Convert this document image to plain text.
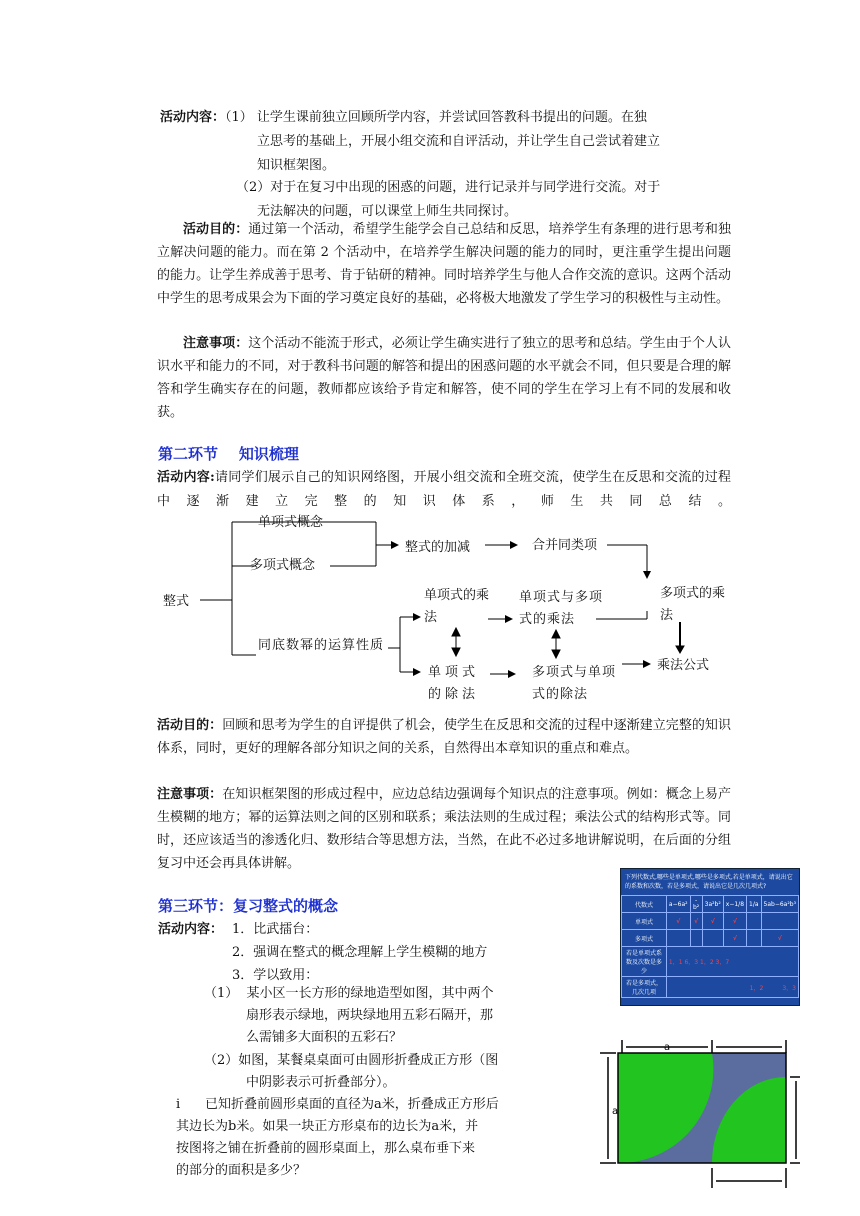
活动内容：（1） 让学生课前独立回顾所学内容，并尝试回答教科书提出的问题。在独
立思考的基础上，开展小组交流和自评活动，并让学生自己尝试着建立
知识框架图。
（2）对于在复习中出现的困惑的问题，进行记录并与同学进行交流。对于
无法解决的问题，可以课堂上师生共同探讨。
活动目的：通过第一个活动，希望学生能学会自己总结和反思，培养学生有条理的进行思考和独立解决问题的能力。而在第 2 个活动中，在培养学生解决问题的能力的同时，更注重学生提出问题的能力。让学生养成善于思考、肯于钻研的精神。同时培养学生与他人合作交流的意识。这两个活动中学生的思考成果会为下面的学习奠定良好的基础，必将极大地激发了学生学习的积极性与主动性。
注意事项：这个活动不能流于形式，必须让学生确实进行了独立的思考和总结。学生由于个人认识水平和能力的不同，对于教科书问题的解答和提出的困惑问题的水平就会不同，但只要是合理的解答和学生确实存在的问题，教师都应该给予肯定和解答，使不同的学生在学习上有不同的发展和收获。
第二环节    知识梳理
活动内容:请同学们展示自己的知识网络图，开展小组交流和全班交流，使学生在反思和交流的过程中逐渐建立完整的知识体系，师生共同总结。
整式
单项式概念
多项式概念
整式的加减	合并同类项
同底数幂的运算性质
单项式的乘法
单项式与多项式的乘法
多项式的乘法
单项式的除法
多项式与单项式的除法
乘法公式
活动目的：回顾和思考为学生的自评提供了机会，使学生在反思和交流的过程中逐渐建立完整的知识体系，同时，更好的理解各部分知识之间的关系，自然得出本章知识的重点和难点。
注意事项：在知识框架图的形成过程中，应边总结边强调每个知识点的注意事项。例如：概念上易产生模糊的地方；幂的运算法则之间的区别和联系；乘法法则的生成过程；乘法公式的结构形式等。同时，还应该适当的渗透化归、数形结合等思想方法，当然，在此不必过多地讲解说明，在后面的分组复习中还会再具体讲解。
第三环节：复习整式的概念
活动内容： 1．比武擂台：
2．强调在整式的概念理解上学生模糊的地方
3．学以致用：
（1）  某小区一长方形的绿地造型如图，其中两个
扇形表示绿地，两块绿地用五彩石隔开，那
么需铺多大面积的五彩石？
（2）如图，某餐桌桌面可由圆形折叠成正方形（图
中阴影表示可折叠部分）。
i      已知折叠前圆形桌面的直径为a米，折叠成正方形后
其边长为b米。如果一块正方形桌布的边长为a米，并
按图将之铺在折叠前的圆形桌面上，那么桌布垂下来
的部分的面积是多少？
下列代数式,哪些是单项式,哪些是多项式,若是单项式，请说出它的系数和次数，若是多项式，请说出它是几次几项式?
代数式	a−6a²	-b²	3a²b²	x−1/8	1/a	5ab−6a²b³
单项式	√	√	√	√		
多项式				√		√
若是单项式系数及次数是多少	1，1 6，3 1，2 3，7					
若是多项式，几次几项	1，2          3，3					
a
a
